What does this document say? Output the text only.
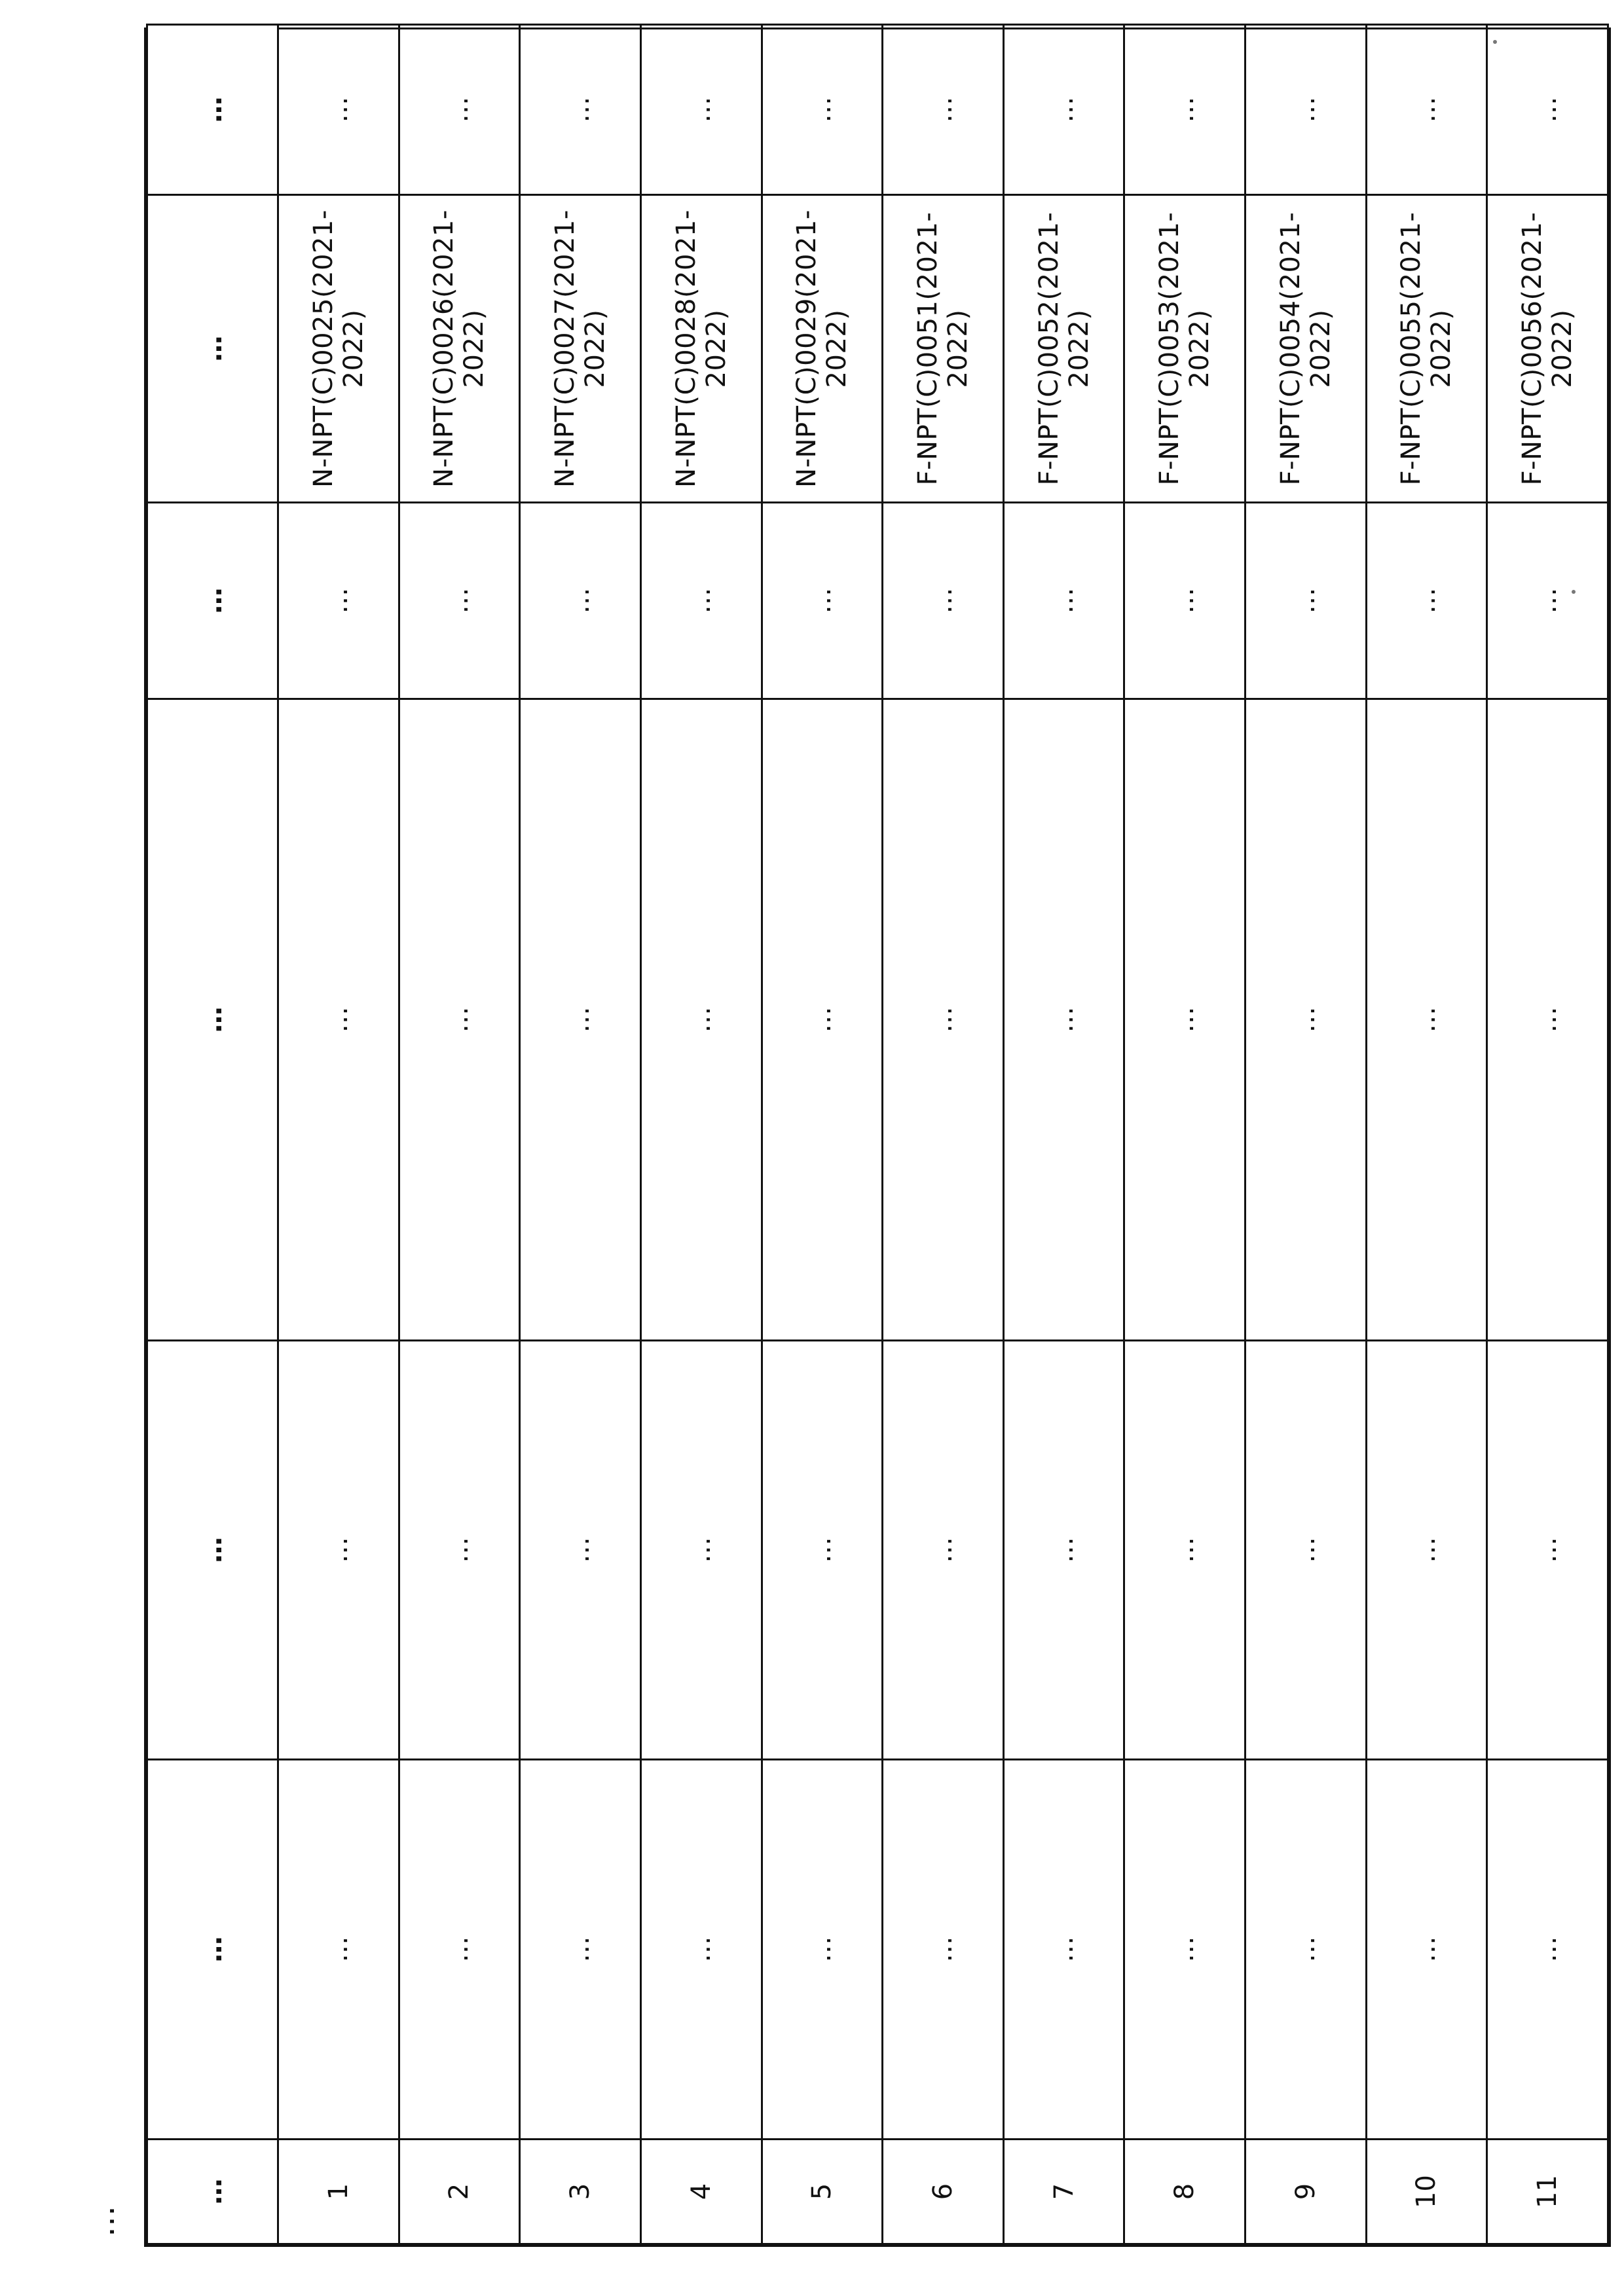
…
…	…	…	…	…	…	…
1	…	…	…	…	N-NPT(C)0025(2021-2022)	…
2	…	…	…	…	N-NPT(C)0026(2021-2022)	…
3	…	…	…	…	N-NPT(C)0027(2021-2022)	…
4	…	…	…	…	N-NPT(C)0028(2021-2022)	…
5	…	…	…	…	N-NPT(C)0029(2021-2022)	…
6	…	…	…	…	F-NPT(C)0051(2021-2022)	…
7	…	…	…	…	F-NPT(C)0052(2021-2022)	…
8	…	…	…	…	F-NPT(C)0053(2021-2022)	…
9	…	…	…	…	F-NPT(C)0054(2021-2022)	…
10	…	…	…	…	F-NPT(C)0055(2021-2022)	…
11	…	…	…	…	F-NPT(C)0056(2021-2022)	…
